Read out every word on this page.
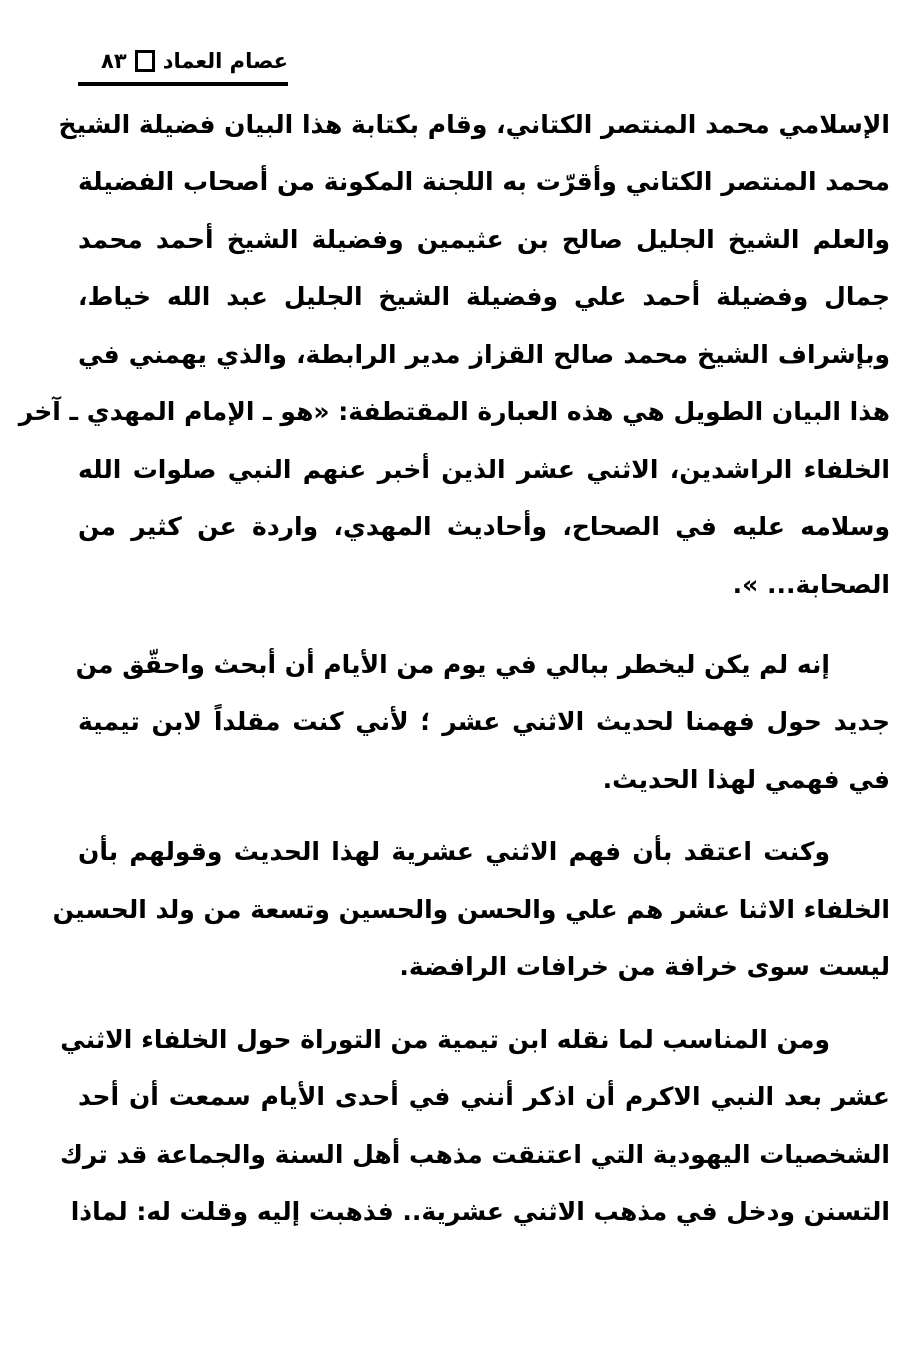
عصام العماد
٨٣
الإسلامي محمد المنتصر الكتاني، وقام بكتابة هذا البيان فضيلة الشيخ
محمد المنتصر الكتاني وأقرّت به اللجنة المكونة من أصحاب الفضيلة
والعلم الشيخ الجليل صالح بن عثيمين وفضيلة الشيخ أحمد محمد
جمال وفضيلة أحمد علي وفضيلة الشيخ الجليل عبد الله خياط،
وبإشراف الشيخ محمد صالح القزاز مدير الرابطة، والذي يهمني في
هذا البيان الطويل هي هذه العبارة المقتطفة: «هو ـ الإمام المهدي ـ آخر
الخلفاء الراشدين، الاثني عشر الذين أخبر عنهم النبي صلوات الله
وسلامه عليه في الصحاح، وأحاديث المهدي، واردة عن كثير من
الصحابة... ».
إنه لم يكن ليخطر ببالي في يوم من الأيام أن أبحث واحقّق من
جديد حول فهمنا لحديث الاثني عشر ؛ لأني كنت مقلداً لابن تيمية
في فهمي لهذا الحديث.
وكنت اعتقد بأن فهم الاثني عشرية لهذا الحديث وقولهم بأن
الخلفاء الاثنا عشر هم علي والحسن والحسين وتسعة من ولد الحسين
ليست سوى خرافة من خرافات الرافضة.
ومن المناسب لما نقله ابن تيمية من التوراة حول الخلفاء الاثني
عشر بعد النبي الاكرم أن اذكر أنني في أحدى الأيام سمعت أن أحد
الشخصيات اليهودية التي اعتنقت مذهب أهل السنة والجماعة قد ترك
التسنن ودخل في مذهب الاثني عشرية.. فذهبت إليه وقلت له: لماذا
